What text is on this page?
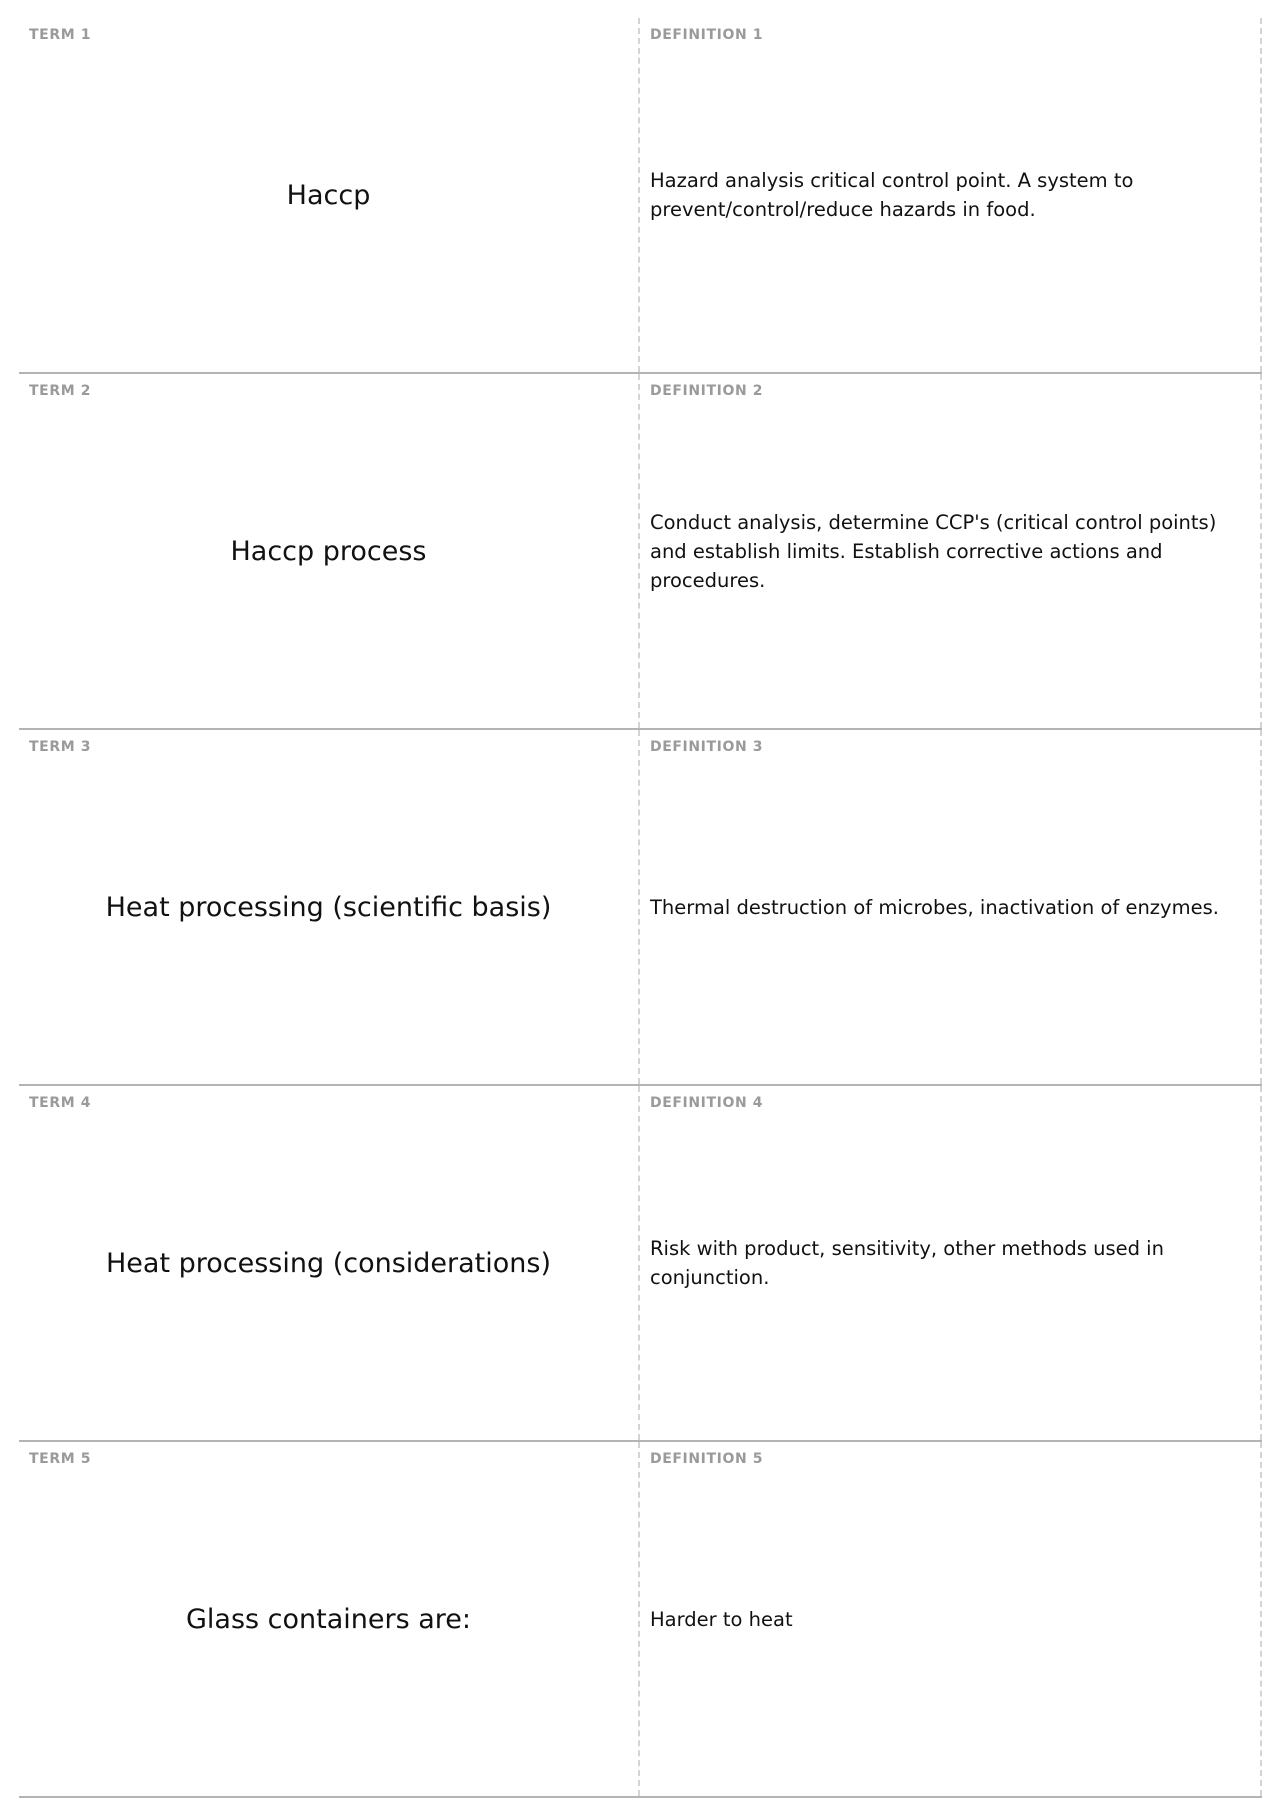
TERM 1
Haccp
DEFINITION 1
Hazard analysis critical control point. A system to prevent/control/reduce hazards in food.
TERM 2
Haccp process
DEFINITION 2
Conduct analysis, determine CCP's (critical control points) and establish limits. Establish corrective actions and procedures.
TERM 3
Heat processing (scientific basis)
DEFINITION 3
Thermal destruction of microbes, inactivation of enzymes.
TERM 4
Heat processing (considerations)
DEFINITION 4
Risk with product, sensitivity, other methods used in conjunction.
TERM 5
Glass containers are:
DEFINITION 5
Harder to heat
